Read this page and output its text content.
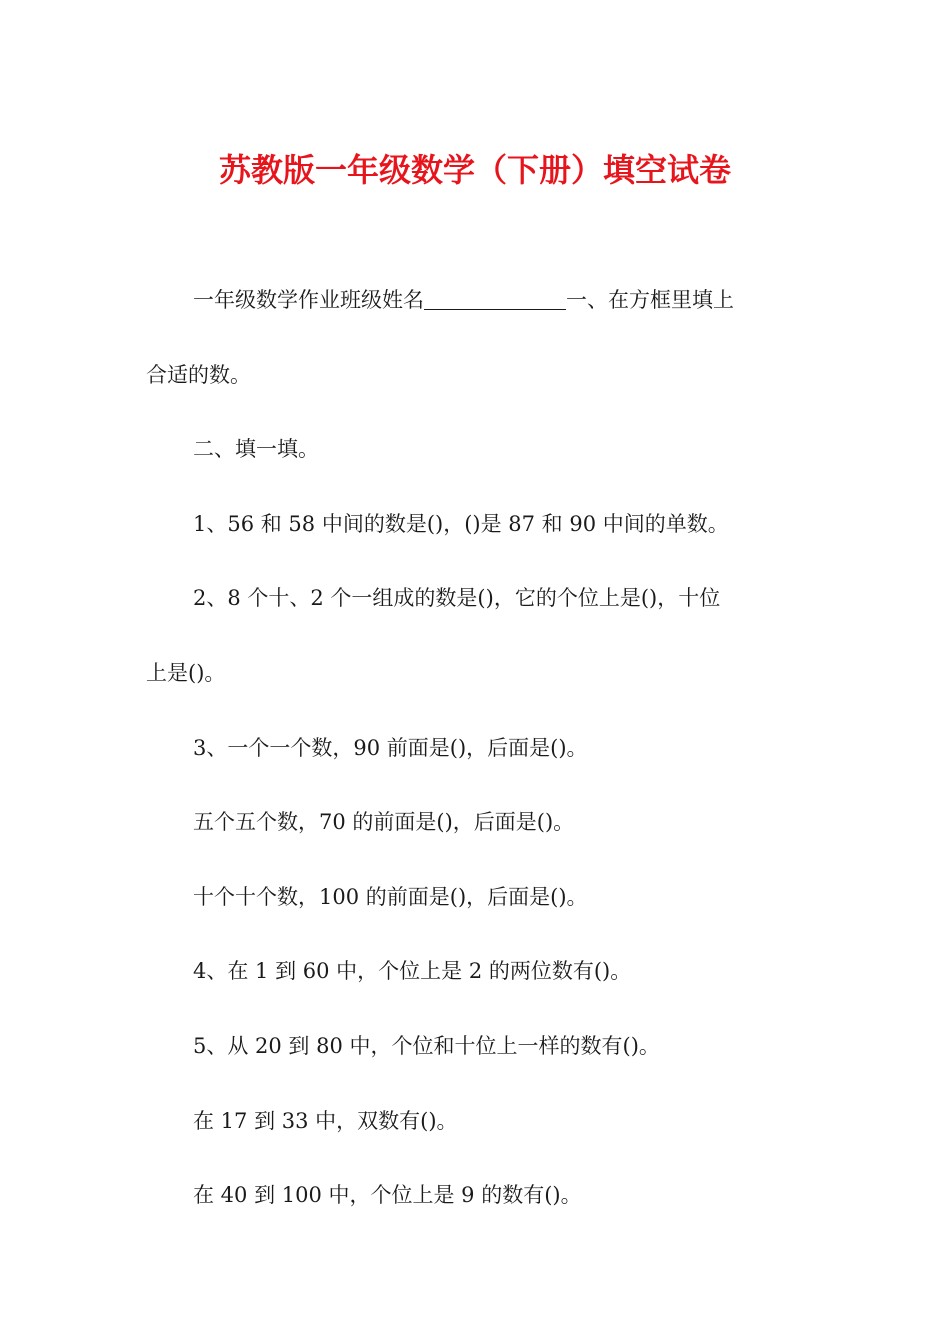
苏教版一年级数学（下册）填空试卷
一年级数学作业班级姓名	一、在方框里填上
合适的数。
二、填一填。
1、56 和 58 中间的数是()，()是 87 和 90 中间的单数。
2、8 个十、2 个一组成的数是()，它的个位上是()，十位
上是()。
3、一个一个数，90 前面是()，后面是()。
五个五个数，70 的前面是()，后面是()。
十个十个数，100 的前面是()，后面是()。
4、在 1 到 60 中，个位上是 2 的两位数有()。
5、从 20 到 80 中，个位和十位上一样的数有()。
在 17 到 33 中，双数有()。
在 40 到 100 中，个位上是 9 的数有()。
